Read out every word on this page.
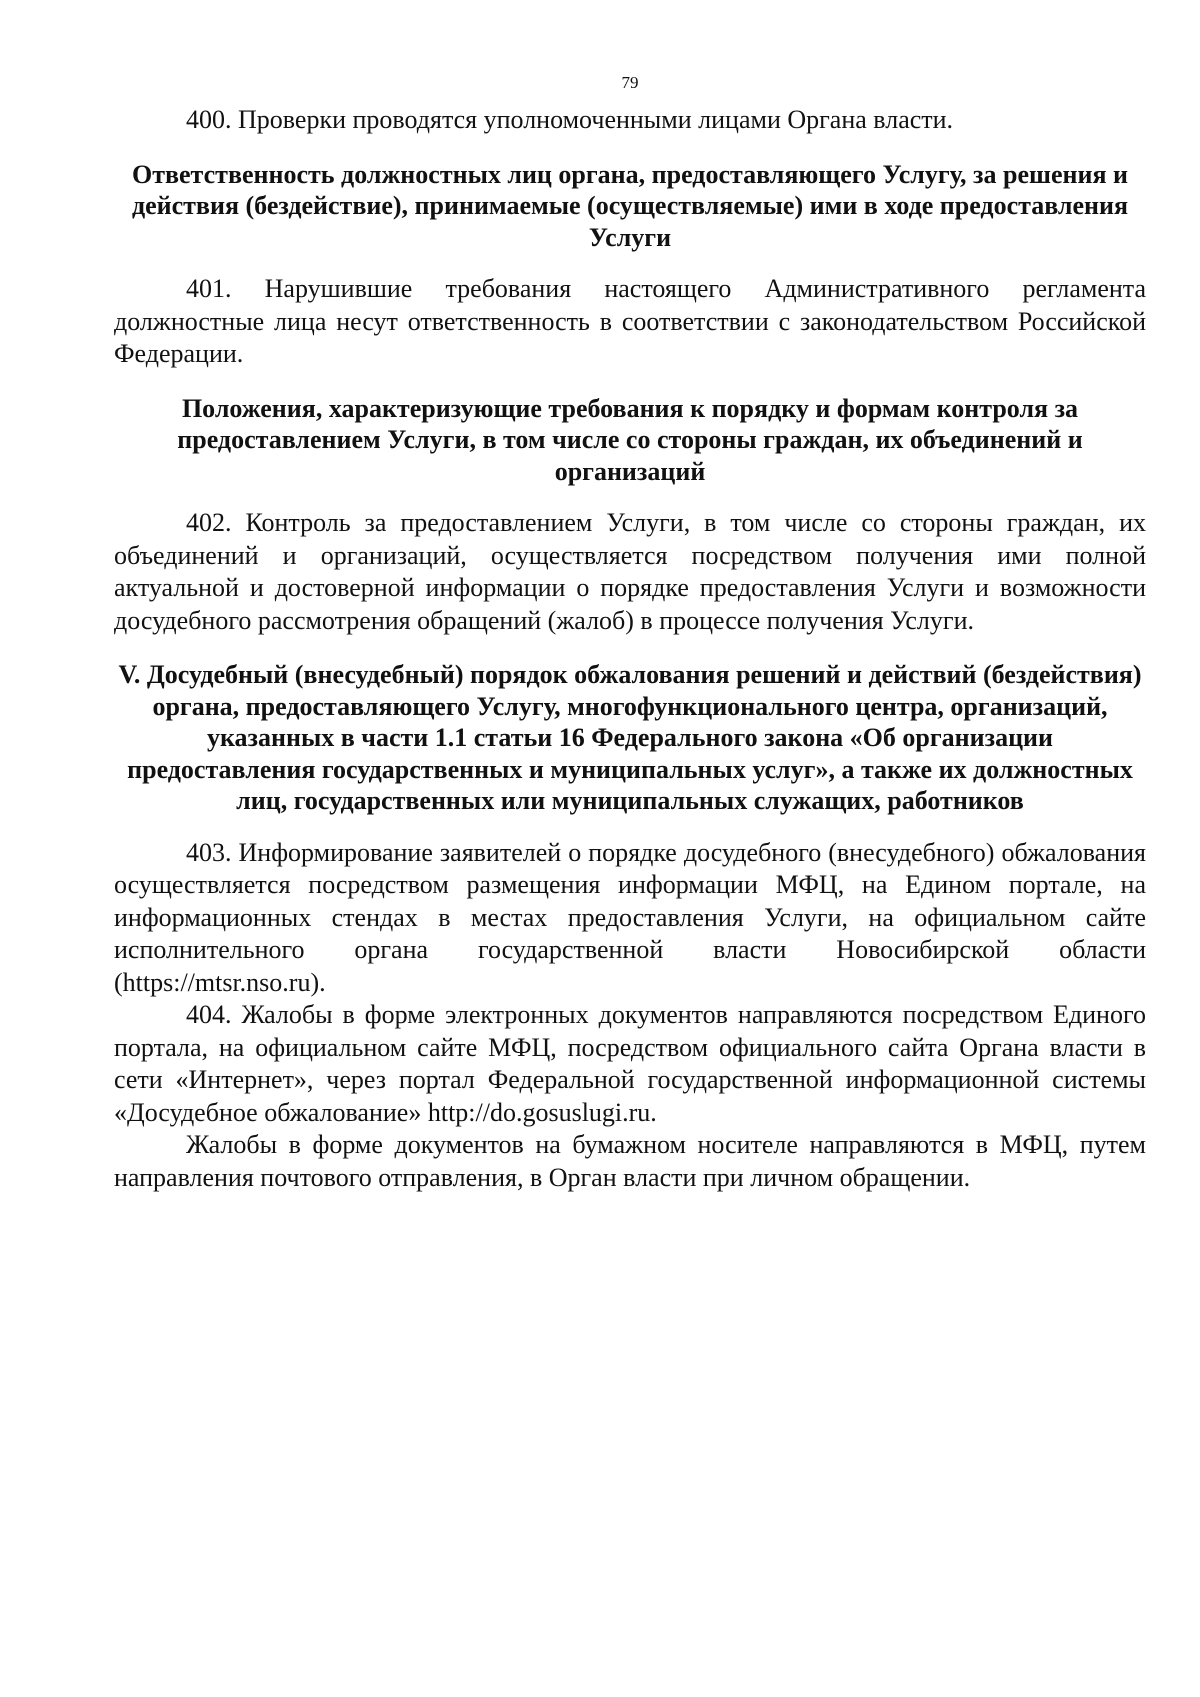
79

400. Проверки проводятся уполномоченными лицами Органа власти.

Ответственность должностных лиц органа, предоставляющего Услугу, за решения и действия (бездействие), принимаемые (осуществляемые) ими в ходе предоставления Услуги

401. Нарушившие требования настоящего Административного регламента должностные лица несут ответственность в соответствии с законодательством Российской Федерации.

Положения, характеризующие требования к порядку и формам контроля за предоставлением Услуги, в том числе со стороны граждан, их объединений и организаций

402. Контроль за предоставлением Услуги, в том числе со стороны граждан, их объединений и организаций, осуществляется посредством получения ими полной актуальной и достоверной информации о порядке предоставления Услуги и возможности досудебного рассмотрения обращений (жалоб) в процессе получения Услуги.

V. Досудебный (внесудебный) порядок обжалования решений и действий (бездействия) органа, предоставляющего Услугу, многофункционального центра, организаций, указанных в части 1.1 статьи 16 Федерального закона «Об организации предоставления государственных и муниципальных услуг», а также их должностных лиц, государственных или муниципальных служащих, работников

403. Информирование заявителей о порядке досудебного (внесудебного) обжалования осуществляется посредством размещения информации МФЦ, на Едином портале, на информационных стендах в местах предоставления Услуги, на официальном сайте исполнительного органа государственной власти Новосибирской области (https://mtsr.nso.ru).

404. Жалобы в форме электронных документов направляются посредством Единого портала, на официальном сайте МФЦ, посредством официального сайта Органа власти в сети «Интернет», через портал Федеральной государственной информационной системы «Досудебное обжалование» http://do.gosuslugi.ru.

Жалобы в форме документов на бумажном носителе направляются в МФЦ, путем направления почтового отправления, в Орган власти при личном обращении.
